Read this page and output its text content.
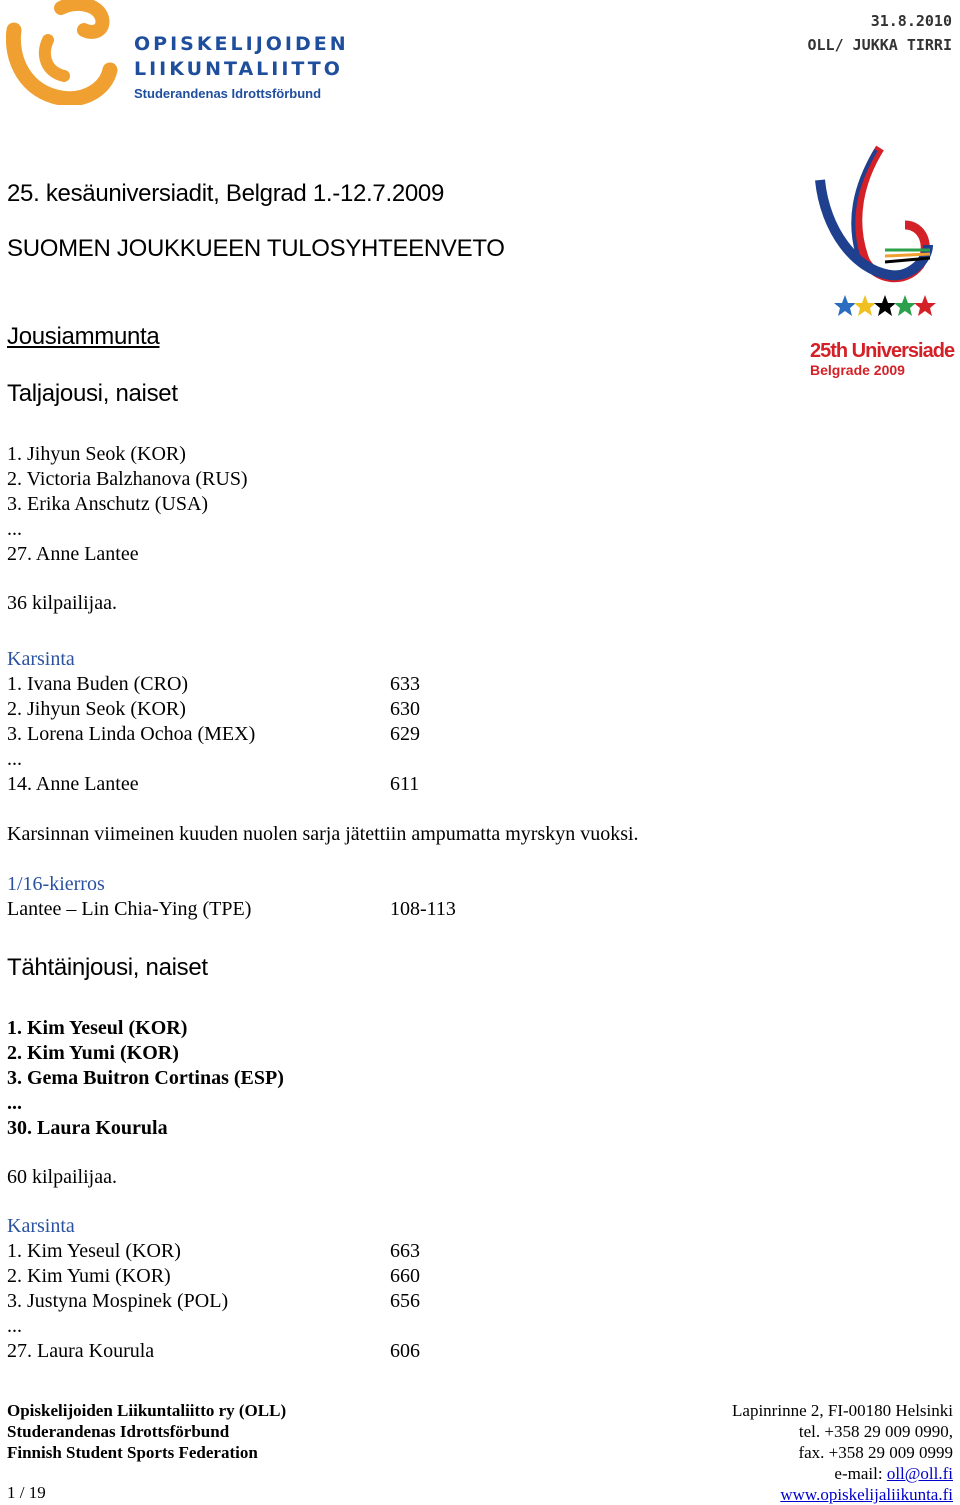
OPISKELIJOIDEN
LIIKUNTALIITTO
Studerandenas Idrottsförbund
31.8.2010
OLL/ JUKKA TIRRI
25th Universiade
Belgrade 2009
25. kesäuniversiadit, Belgrad 1.-12.7.2009
SUOMEN JOUKKUEEN TULOSYHTEENVETO
Jousiammunta
Taljajousi, naiset
1. Jihyun Seok (KOR)
2. Victoria Balzhanova (RUS)
3. Erika Anschutz (USA)
...
27. Anne Lantee
36 kilpailijaa.
Karsinta
1. Ivana Buden (CRO)	633
2. Jihyun Seok (KOR)	630
3. Lorena Linda Ochoa (MEX)	629
...
14. Anne Lantee	611
Karsinnan viimeinen kuuden nuolen sarja jätettiin ampumatta myrskyn vuoksi.
1/16-kierros
Lantee – Lin Chia-Ying (TPE)	108-113
Tähtäinjousi, naiset
1. Kim Yeseul (KOR)
2. Kim Yumi (KOR)
3. Gema Buitron Cortinas (ESP)
...
30. Laura Kourula
60 kilpailijaa.
Karsinta
1. Kim Yeseul (KOR)	663
2. Kim Yumi (KOR)	660
3. Justyna Mospinek (POL)	656
...
27. Laura Kourula	606
Opiskelijoiden Liikuntaliitto ry (OLL)
Studerandenas Idrottsförbund
Finnish Student Sports Federation
1 / 19
Lapinrinne 2, FI-00180 Helsinki
tel. +358 29 009 0990,
fax. +358 29 009 0999
e-mail: oll@oll.fi
www.opiskelijaliikunta.fi
